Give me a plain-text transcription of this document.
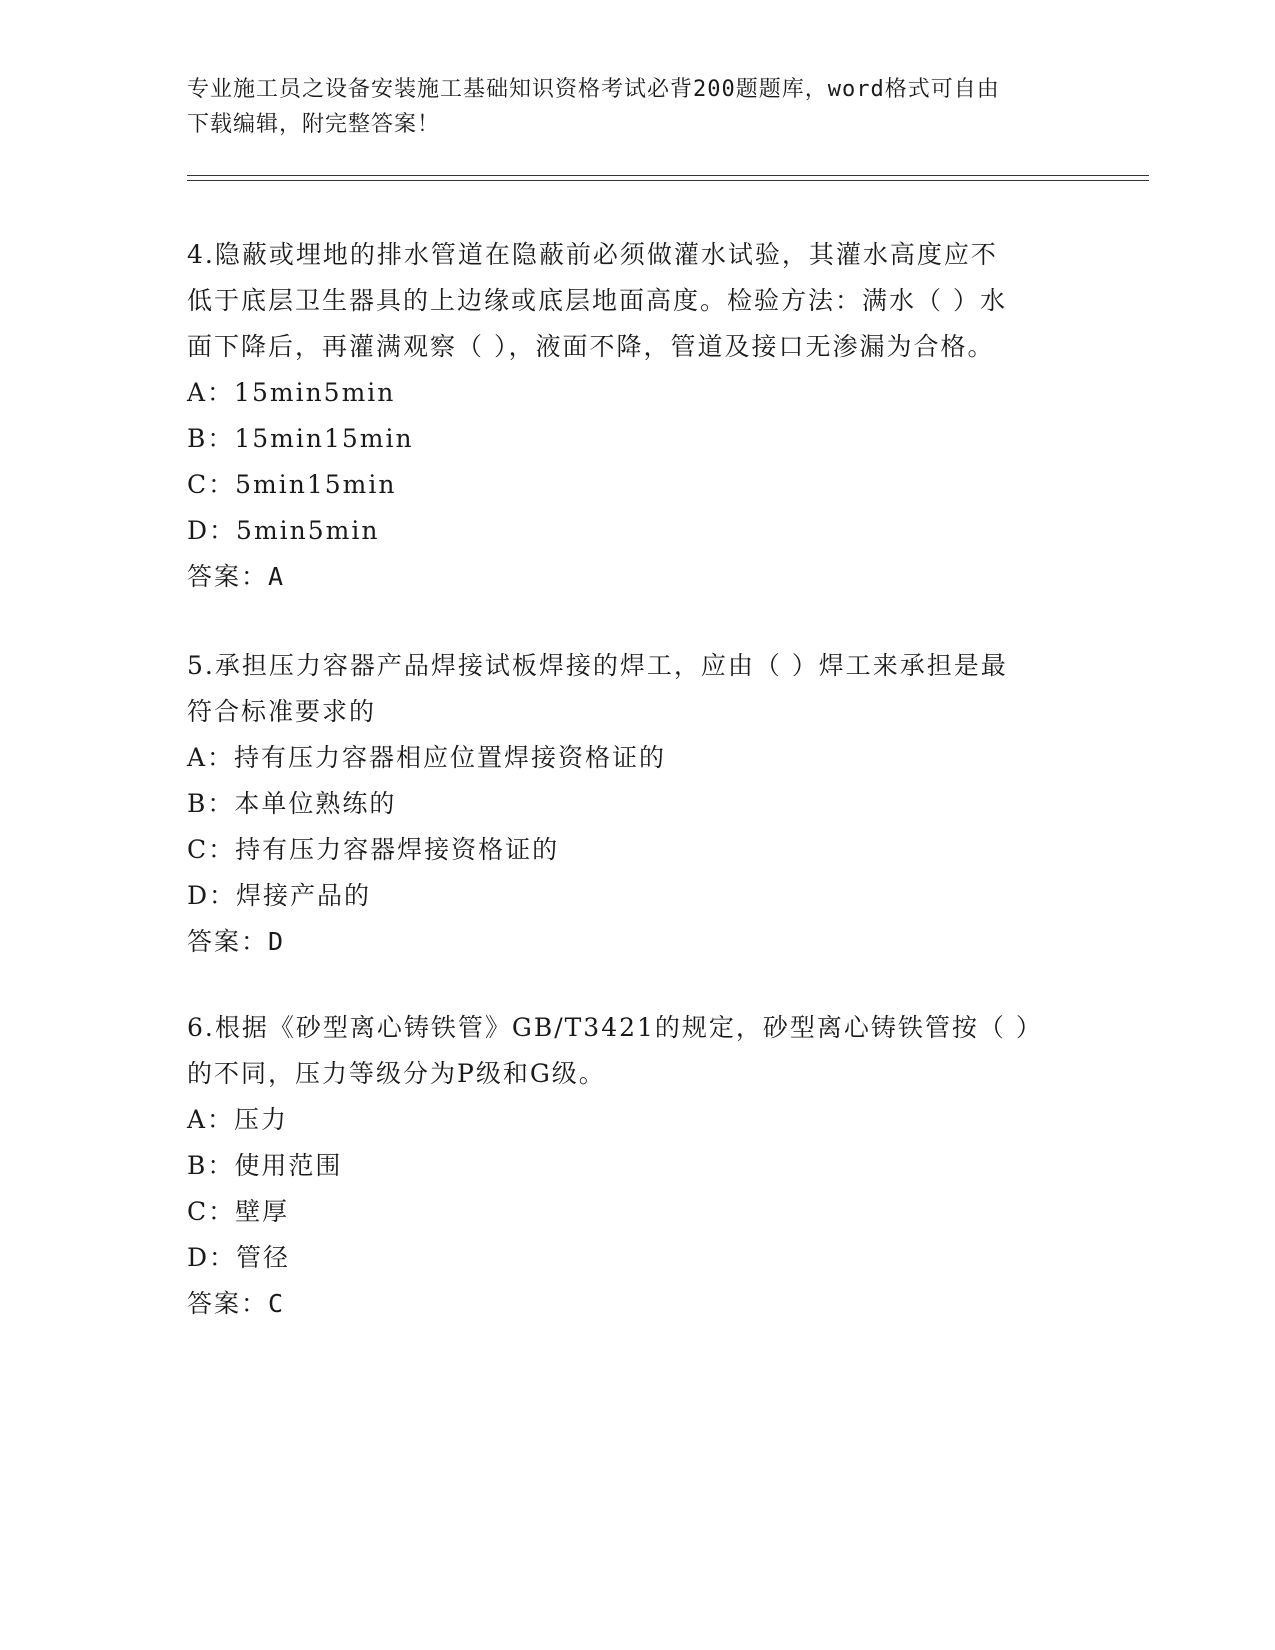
专业施工员之设备安装施工基础知识资格考试必背200题题库，word格式可自由
下载编辑，附完整答案！

4.隐蔽或埋地的排水管道在隐蔽前必须做灌水试验，其灌水高度应不

低于底层卫生器具的上边缘或底层地面高度。检验方法：满水（ ）水

面下降后，再灌满观察（ ），液面不降，管道及接口无渗漏为合格。

A：15min5min

B：15min15min

C：5min15min

D：5min5min

答案：A

5.承担压力容器产品焊接试板焊接的焊工，应由（ ）焊工来承担是最

符合标准要求的

A：持有压力容器相应位置焊接资格证的

B：本单位熟练的

C：持有压力容器焊接资格证的

D：焊接产品的

答案：D

6.根据《砂型离心铸铁管》GB/T3421的规定，砂型离心铸铁管按（ ）

的不同，压力等级分为P级和G级。

A：压力

B：使用范围

C：壁厚

D：管径

答案：C
